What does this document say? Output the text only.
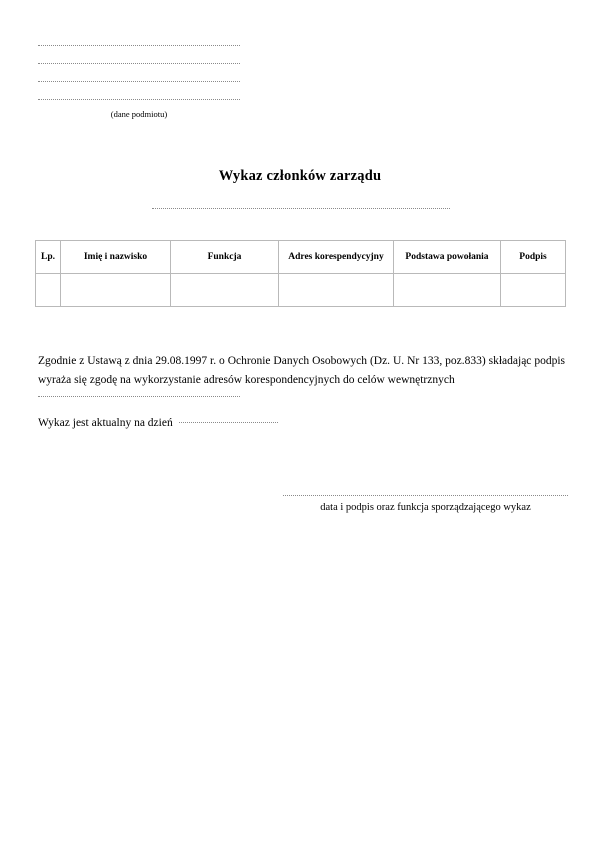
(dane podmiotu)
Wykaz członków zarządu
Lp.	Imię i nazwisko	Funkcja	Adres korespendycyjny	Podstawa powołania	Podpis

Zgodnie z Ustawą z dnia 29.08.1997 r. o Ochronie Danych Osobowych (Dz. U. Nr 133, poz.833) składając podpis wyraża się zgodę na wykorzystanie adresów korespondencyjnych do celów wewnętrznych
Wykaz jest aktualny na dzień
data i podpis oraz funkcja sporządzającego wykaz
